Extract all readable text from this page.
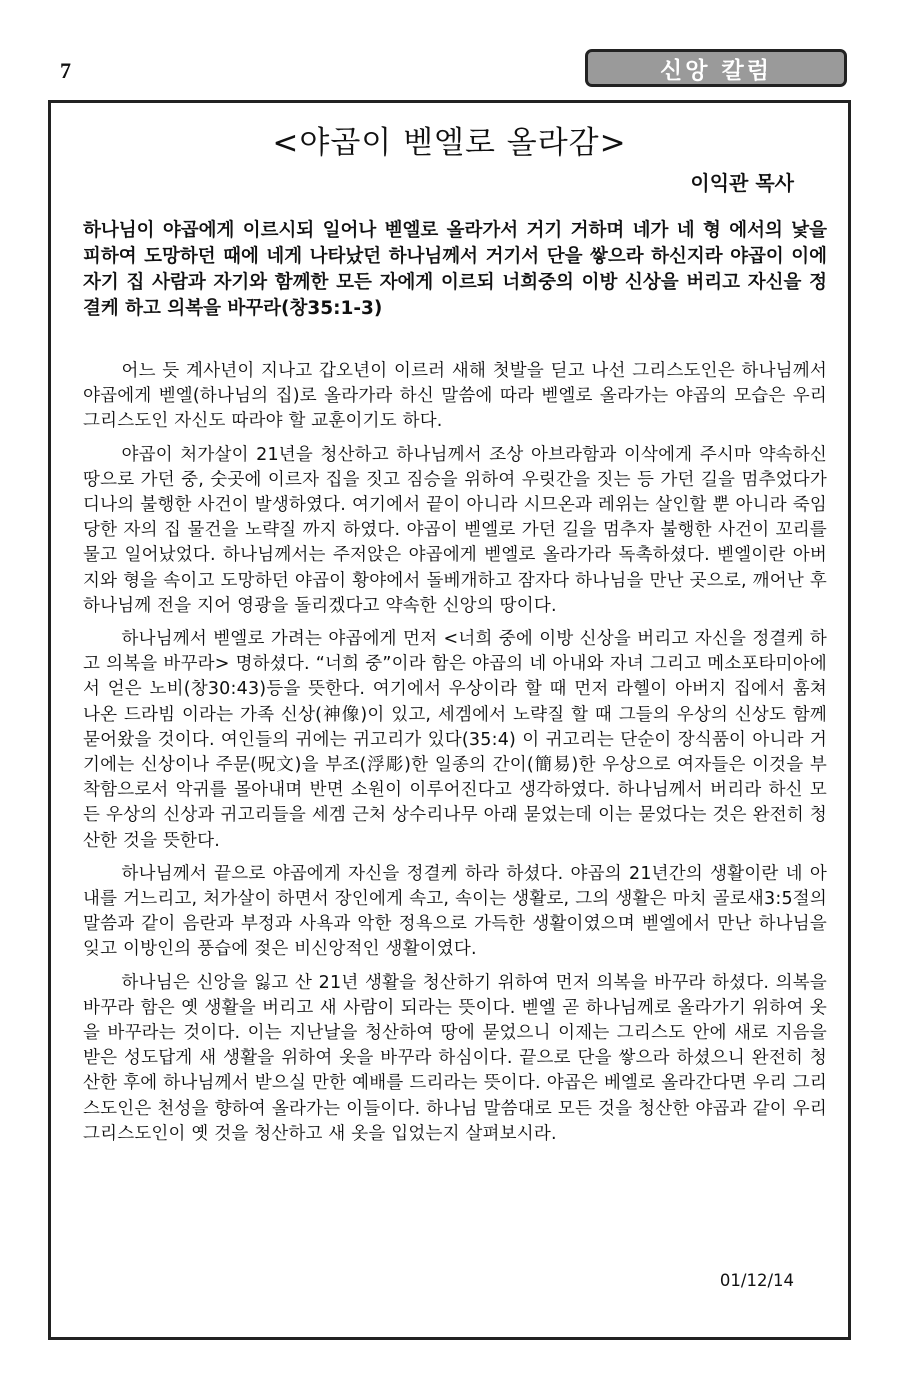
7	신앙 칼럼
<야곱이 벧엘로 올라감>
이익관 목사
하나님이 야곱에게 이르시되 일어나 벧엘로 올라가서 거기 거하며 네가 네 형 에서의 낯을 피하여 도망하던 때에 네게 나타났던 하나님께서 거기서 단을 쌓으라 하신지라 야곱이 이에 자기 집 사람과 자기와 함께한 모든 자에게 이르되 너희중의 이방 신상을 버리고 자신을 정결케 하고 의복을 바꾸라(창35:1-3)

어느 듯 계사년이 지나고 갑오년이 이르러 새해 첫발을 딛고 나선 그리스도인은 하나님께서 야곱에게 벧엘(하나님의 집)로 올라가라 하신 말씀에 따라 벧엘로 올라가는 야곱의 모습은 우리 그리스도인 자신도 따라야 할 교훈이기도 하다.

야곱이 처가살이 21년을 청산하고 하나님께서 조상 아브라함과 이삭에게 주시마 약속하신 땅으로 가던 중, 숫곳에 이르자 집을 짓고 짐승을 위하여 우릿간을 짓는 등 가던 길을 멈추었다가 디나의 불행한 사건이 발생하였다. 여기에서 끝이 아니라 시므온과 레위는 살인할 뿐 아니라 죽임 당한 자의 집 물건을 노략질 까지 하였다. 야곱이 벧엘로 가던 길을 멈추자 불행한 사건이 꼬리를 물고 일어났었다. 하나님께서는 주저앉은 야곱에게 벧엘로 올라가라 독촉하셨다. 벧엘이란 아버지와 형을 속이고 도망하던 야곱이 황야에서 돌베개하고 잠자다 하나님을 만난 곳으로, 깨어난 후 하나님께 전을 지어 영광을 돌리겠다고 약속한 신앙의 땅이다.

하나님께서 벧엘로 가려는 야곱에게 먼저 <너희 중에 이방 신상을 버리고 자신을 정결케 하고 의복을 바꾸라> 명하셨다. “너희 중”이라 함은 야곱의 네 아내와 자녀 그리고 메소포타미아에서 얻은 노비(창30:43)등을 뜻한다. 여기에서 우상이라 할 때 먼저 라헬이 아버지 집에서 훔쳐 나온 드라빔 이라는 가족 신상(神像)이 있고, 세겜에서 노략질 할 때 그들의 우상의 신상도 함께 묻어왔을 것이다. 여인들의 귀에는 귀고리가 있다(35:4) 이 귀고리는 단순이 장식품이 아니라 거기에는 신상이나 주문(呪文)을 부조(浮彫)한 일종의 간이(簡易)한 우상으로 여자들은 이것을 부착함으로서 악귀를 몰아내며 반면 소원이 이루어진다고 생각하였다. 하나님께서 버리라 하신 모든 우상의 신상과 귀고리들을 세겜 근처 상수리나무 아래 묻었는데 이는 묻었다는 것은 완전히 청산한 것을 뜻한다.

하나님께서 끝으로 야곱에게 자신을 정결케 하라 하셨다. 야곱의 21년간의 생활이란 네 아내를 거느리고, 처가살이 하면서 장인에게 속고, 속이는 생활로, 그의 생활은 마치 골로새3:5절의 말씀과 같이 음란과 부정과 사욕과 악한 정욕으로 가득한 생활이였으며 벧엘에서 만난 하나님을 잊고 이방인의 풍습에 젖은 비신앙적인 생활이였다.

하나님은 신앙을 잃고 산 21년 생활을 청산하기 위하여 먼저 의복을 바꾸라 하셨다. 의복을 바꾸라 함은 옛 생활을 버리고 새 사람이 되라는 뜻이다. 벧엘 곧 하나님께로 올라가기 위하여 옷을 바꾸라는 것이다. 이는 지난날을 청산하여 땅에 묻었으니 이제는 그리스도 안에 새로 지음을 받은 성도답게 새 생활을 위하여 옷을 바꾸라 하심이다. 끝으로 단을 쌓으라 하셨으니 완전히 청산한 후에 하나님께서 받으실 만한 예배를 드리라는 뜻이다. 야곱은 베엘로 올라간다면 우리 그리스도인은 천성을 향하여 올라가는 이들이다. 하나님 말씀대로 모든 것을 청산한 야곱과 같이 우리 그리스도인이 옛 것을 청산하고 새 옷을 입었는지 살펴보시라.

01/12/14
